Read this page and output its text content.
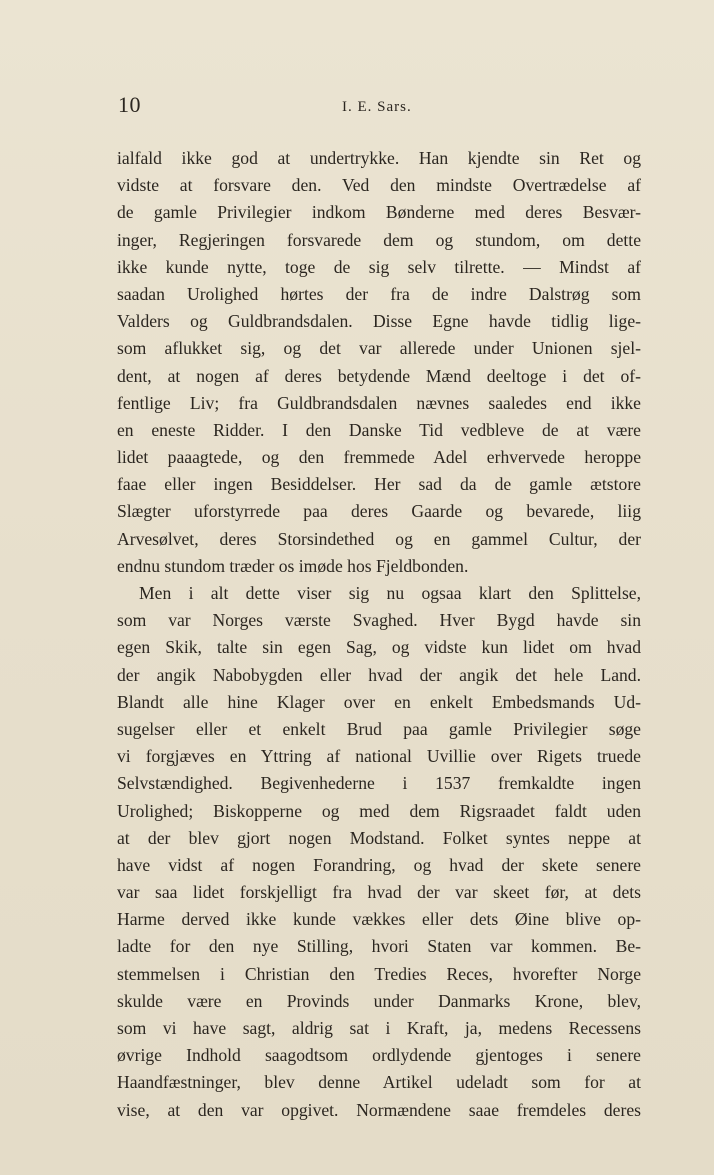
10	I. E. Sars.
ialfald ikke god at undertrykke. Han kjendte sin Ret og
vidste at forsvare den. Ved den mindste Overtrædelse af
de gamle Privilegier indkom Bønderne med deres Besvær-
inger, Regjeringen forsvarede dem og stundom, om dette
ikke kunde nytte, toge de sig selv tilrette. — Mindst af
saadan Urolighed hørtes der fra de indre Dalstrøg som
Valders og Guldbrandsdalen. Disse Egne havde tidlig lige-
som aflukket sig, og det var allerede under Unionen sjel-
dent, at nogen af deres betydende Mænd deeltoge i det of-
fentlige Liv; fra Guldbrandsdalen nævnes saaledes end ikke
en eneste Ridder. I den Danske Tid vedbleve de at være
lidet paaagtede, og den fremmede Adel erhvervede heroppe
faae eller ingen Besiddelser. Her sad da de gamle ætstore
Slægter uforstyrrede paa deres Gaarde og bevarede, liig
Arvesølvet, deres Storsindethed og en gammel Cultur, der
endnu stundom træder os imøde hos Fjeldbonden.
Men i alt dette viser sig nu ogsaa klart den Splittelse,
som var Norges værste Svaghed. Hver Bygd havde sin
egen Skik, talte sin egen Sag, og vidste kun lidet om hvad
der angik Nabobygden eller hvad der angik det hele Land.
Blandt alle hine Klager over en enkelt Embedsmands Ud-
sugelser eller et enkelt Brud paa gamle Privilegier søge
vi forgjæves en Yttring af national Uvillie over Rigets truede
Selvstændighed. Begivenhederne i 1537 fremkaldte ingen
Urolighed; Biskopperne og med dem Rigsraadet faldt uden
at der blev gjort nogen Modstand. Folket syntes neppe at
have vidst af nogen Forandring, og hvad der skete senere
var saa lidet forskjelligt fra hvad der var skeet før, at dets
Harme derved ikke kunde vækkes eller dets Øine blive op-
ladte for den nye Stilling, hvori Staten var kommen. Be-
stemmelsen i Christian den Tredies Reces, hvorefter Norge
skulde være en Provinds under Danmarks Krone, blev,
som vi have sagt, aldrig sat i Kraft, ja, medens Recessens
øvrige Indhold saagodtsom ordlydende gjentoges i senere
Haandfæstninger, blev denne Artikel udeladt som for at
vise, at den var opgivet. Normændene saae fremdeles deres
